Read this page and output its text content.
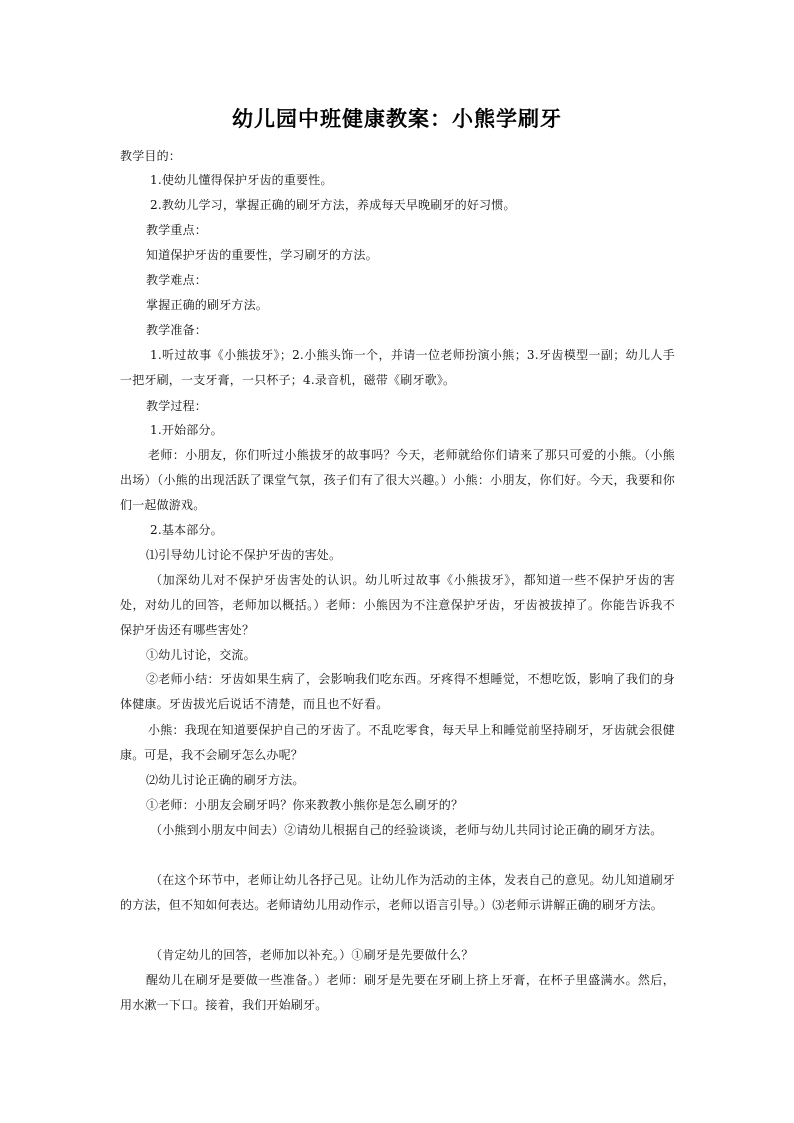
幼儿园中班健康教案：小熊学刷牙
教学目的：
1.使幼儿懂得保护牙齿的重要性。
2.教幼儿学习，掌握正确的刷牙方法，养成每天早晚刷牙的好习惯。
教学重点：
知道保护牙齿的重要性，学习刷牙的方法。
教学难点：
掌握正确的刷牙方法。
教学准备：
1.听过故事《小熊拔牙》；2.小熊头饰一个，并请一位老师扮演小熊；3.牙齿模型一副；幼儿人手一把牙刷，一支牙膏，一只杯子；4.录音机，磁带《刷牙歌》。
教学过程：
1.开始部分。
老师：小朋友，你们听过小熊拔牙的故事吗？今天，老师就给你们请来了那只可爱的小熊。（小熊出场）（小熊的出现活跃了课堂气氛，孩子们有了很大兴趣。）小熊：小朋友，你们好。今天，我要和你们一起做游戏。
2.基本部分。
⑴引导幼儿讨论不保护牙齿的害处。
（加深幼儿对不保护牙齿害处的认识。幼儿听过故事《小熊拔牙》，都知道一些不保护牙齿的害处，对幼儿的回答，老师加以概括。）老师：小熊因为不注意保护牙齿，牙齿被拔掉了。你能告诉我不保护牙齿还有哪些害处？
①幼儿讨论，交流。
②老师小结：牙齿如果生病了，会影响我们吃东西。牙疼得不想睡觉，不想吃饭，影响了我们的身体健康。牙齿拔光后说话不清楚，而且也不好看。
小熊：我现在知道要保护自己的牙齿了。不乱吃零食，每天早上和睡觉前坚持刷牙，牙齿就会很健康。可是，我不会刷牙怎么办呢？
⑵幼儿讨论正确的刷牙方法。
①老师：小朋友会刷牙吗？你来教教小熊你是怎么刷牙的？
（小熊到小朋友中间去）②请幼儿根据自己的经验谈谈，老师与幼儿共同讨论正确的刷牙方法。
（在这个环节中，老师让幼儿各抒己见。让幼儿作为活动的主体，发表自己的意见。幼儿知道刷牙的方法，但不知如何表达。老师请幼儿用动作示，老师以语言引导。）⑶老师示讲解正确的刷牙方法。
（肯定幼儿的回答，老师加以补充。）①刷牙是先要做什么？
醒幼儿在刷牙是要做一些准备。）老师：刷牙是先要在牙刷上挤上牙膏，在杯子里盛满水。然后，用水漱一下口。接着，我们开始刷牙。
